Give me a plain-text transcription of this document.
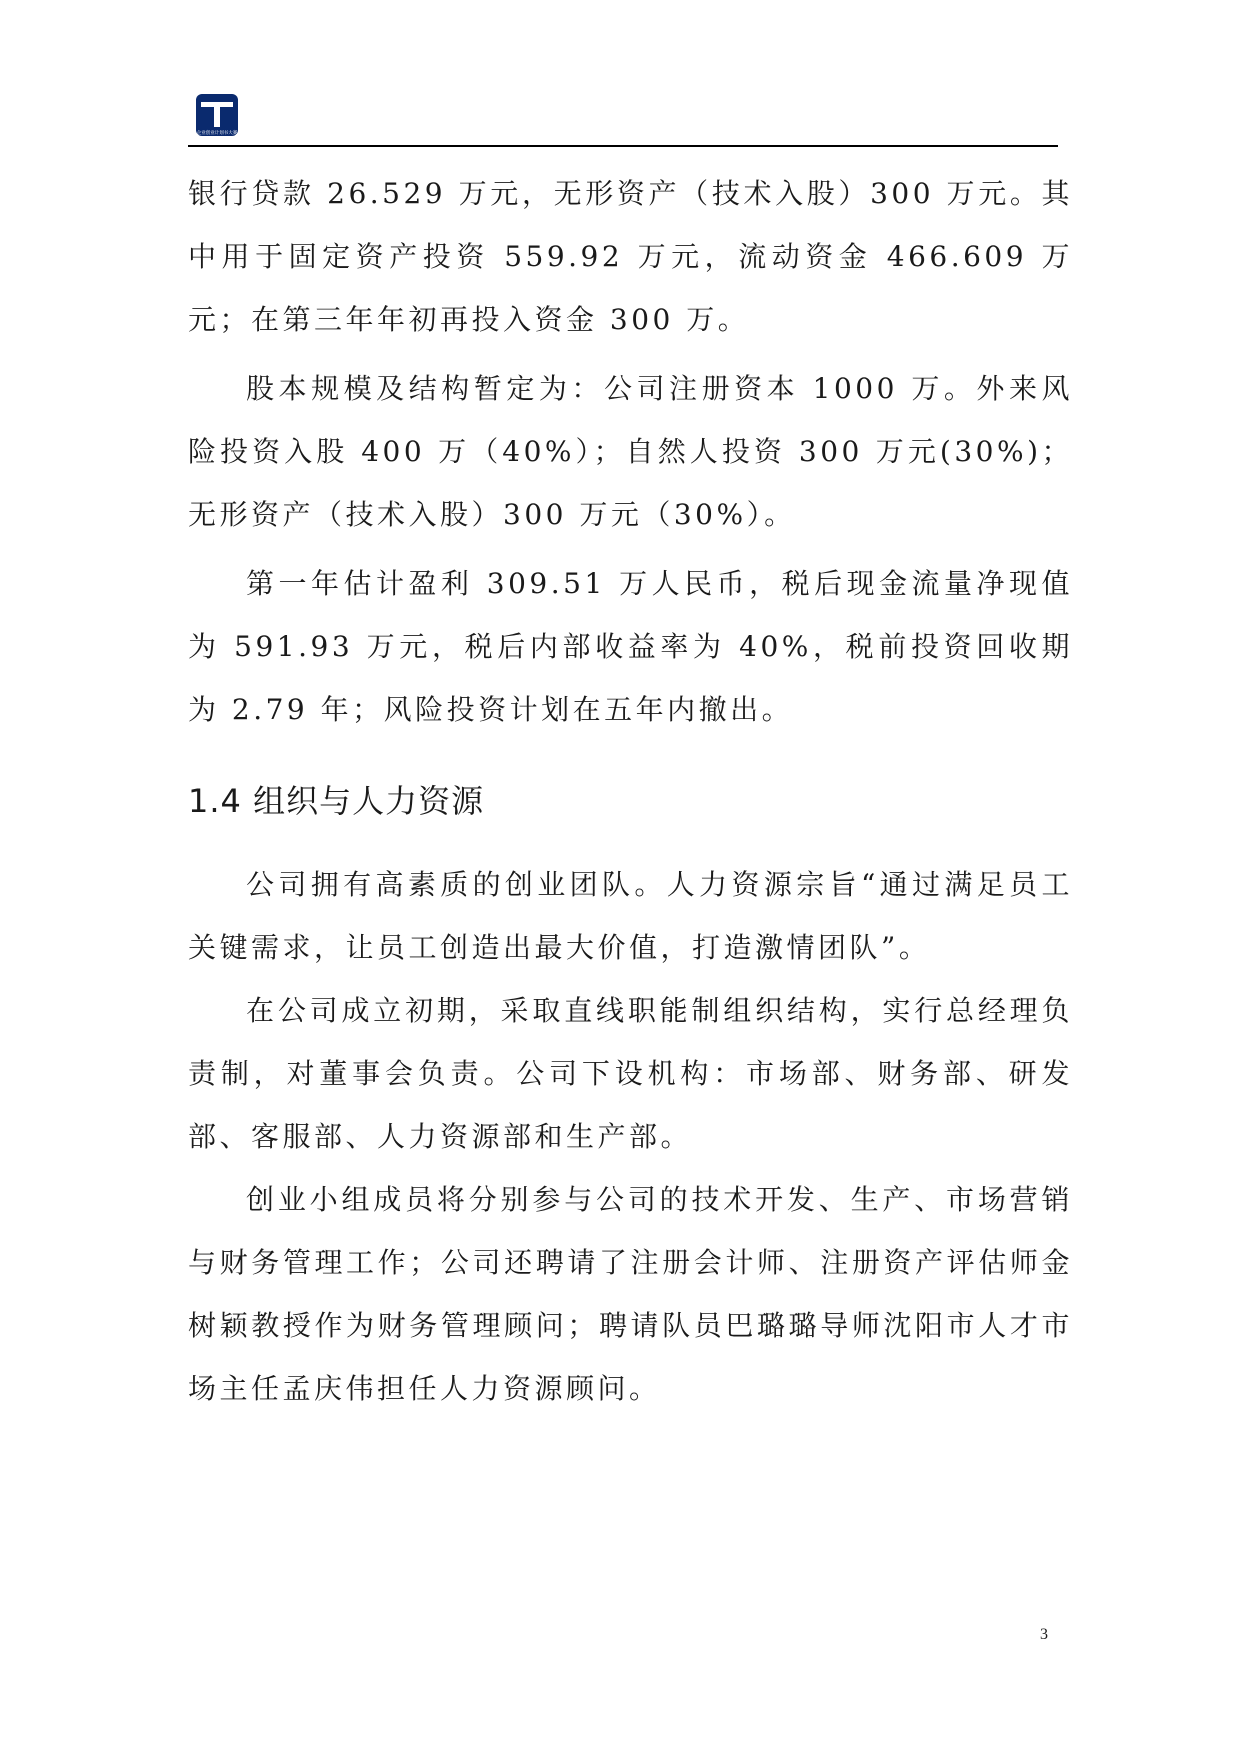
企业创业计划书大赛

银行贷款 26.529 万元，无形资产（技术入股）300 万元。其中用于固定资产投资 559.92 万元，流动资金 466.609 万元；在第三年年初再投入资金 300 万。

股本规模及结构暂定为：公司注册资本 1000 万。外来风险投资入股 400 万（40%）；自然人投资 300 万元(30%)；无形资产（技术入股）300 万元（30%）。

第一年估计盈利 309.51 万人民币，税后现金流量净现值为 591.93 万元，税后内部收益率为 40%，税前投资回收期为 2.79 年；风险投资计划在五年内撤出。

1.4 组织与人力资源

公司拥有高素质的创业团队。人力资源宗旨“通过满足员工关键需求，让员工创造出最大价值，打造激情团队”。

在公司成立初期，采取直线职能制组织结构，实行总经理负责制，对董事会负责。公司下设机构：市场部、财务部、研发部、客服部、人力资源部和生产部。

创业小组成员将分别参与公司的技术开发、生产、市场营销与财务管理工作；公司还聘请了注册会计师、注册资产评估师金树颖教授作为财务管理顾问；聘请队员巴璐璐导师沈阳市人才市场主任孟庆伟担任人力资源顾问。

3
